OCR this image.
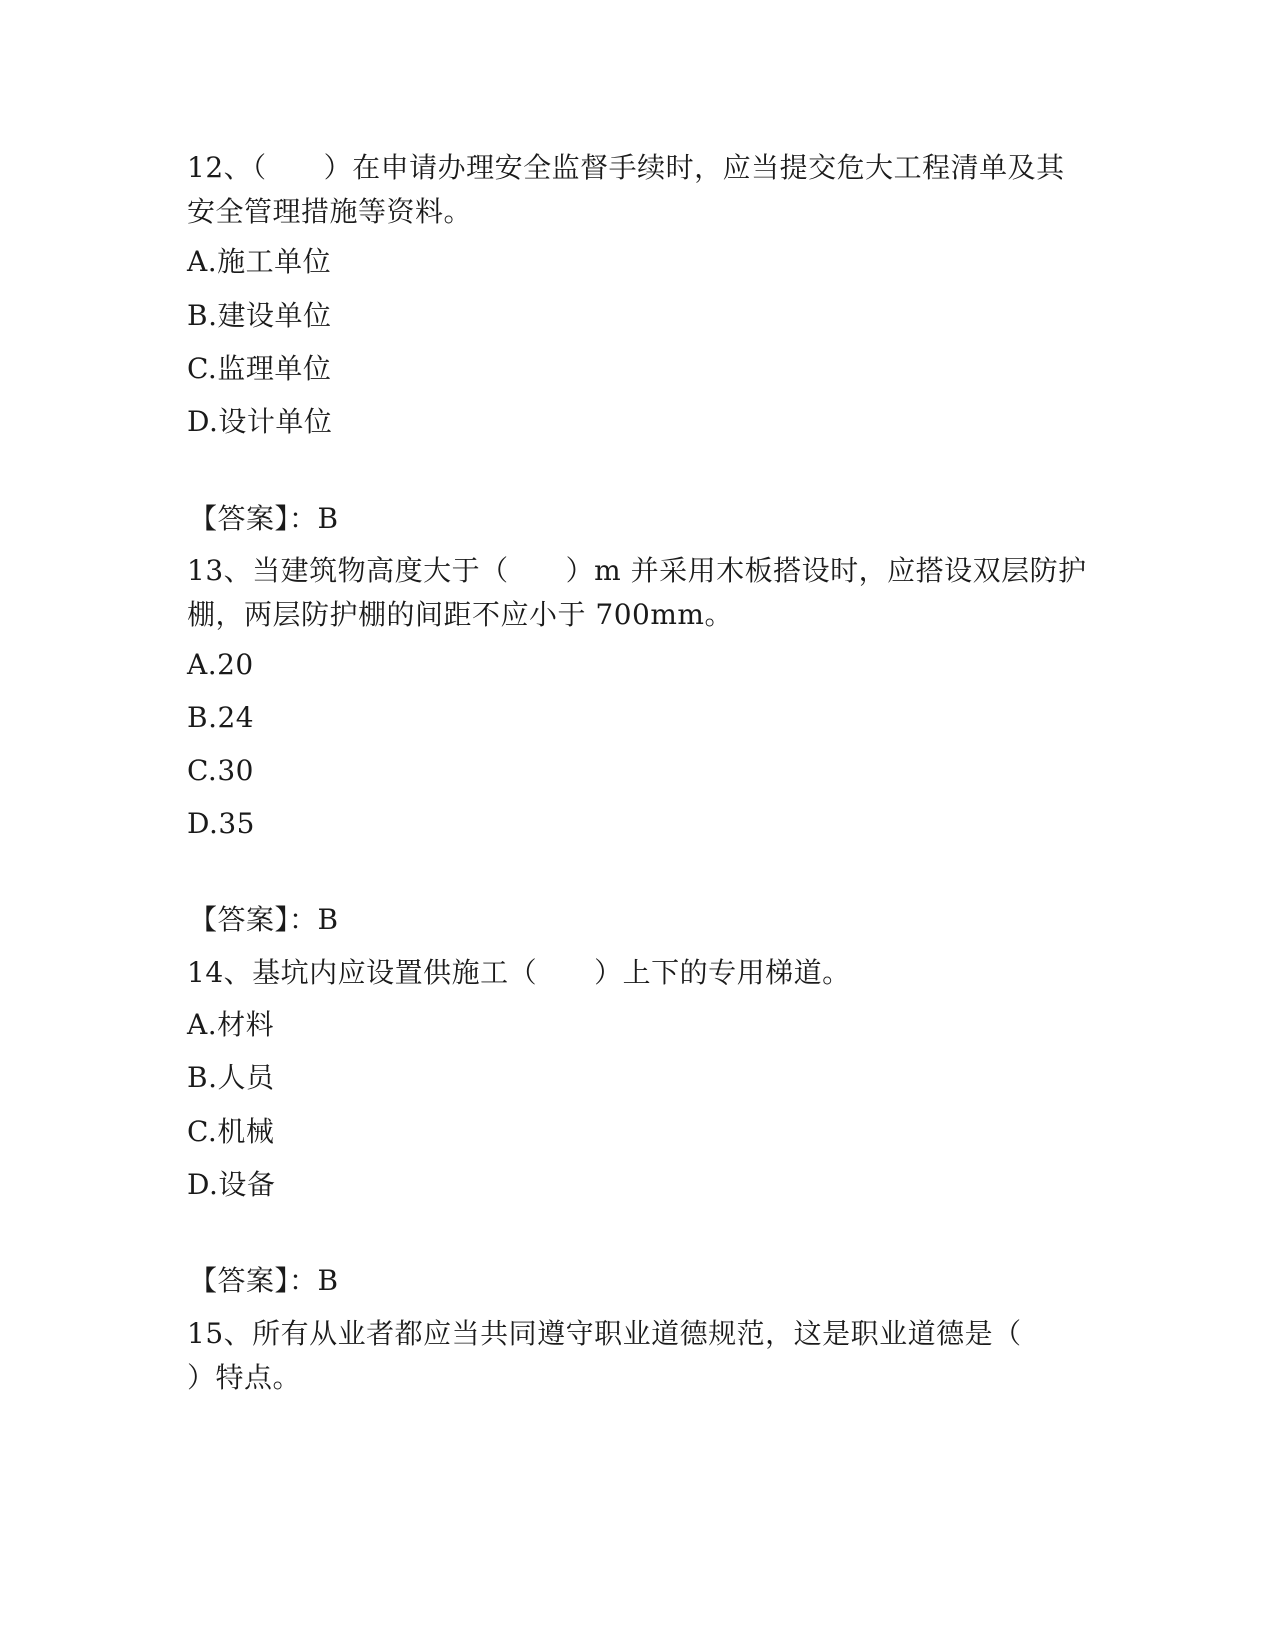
12、（　　）在申请办理安全监督手续时，应当提交危大工程清单及其
安全管理措施等资料。
A.施工单位
B.建设单位
C.监理单位
D.设计单位
【答案】：B
13、当建筑物高度大于（　　）m 并采用木板搭设时，应搭设双层防护
棚，两层防护棚的间距不应小于 700mm。
A.20
B.24
C.30
D.35
【答案】：B
14、基坑内应设置供施工（　　）上下的专用梯道。
A.材料
B.人员
C.机械
D.设备
【答案】：B
15、所有从业者都应当共同遵守职业道德规范，这是职业道德是（
）特点。
